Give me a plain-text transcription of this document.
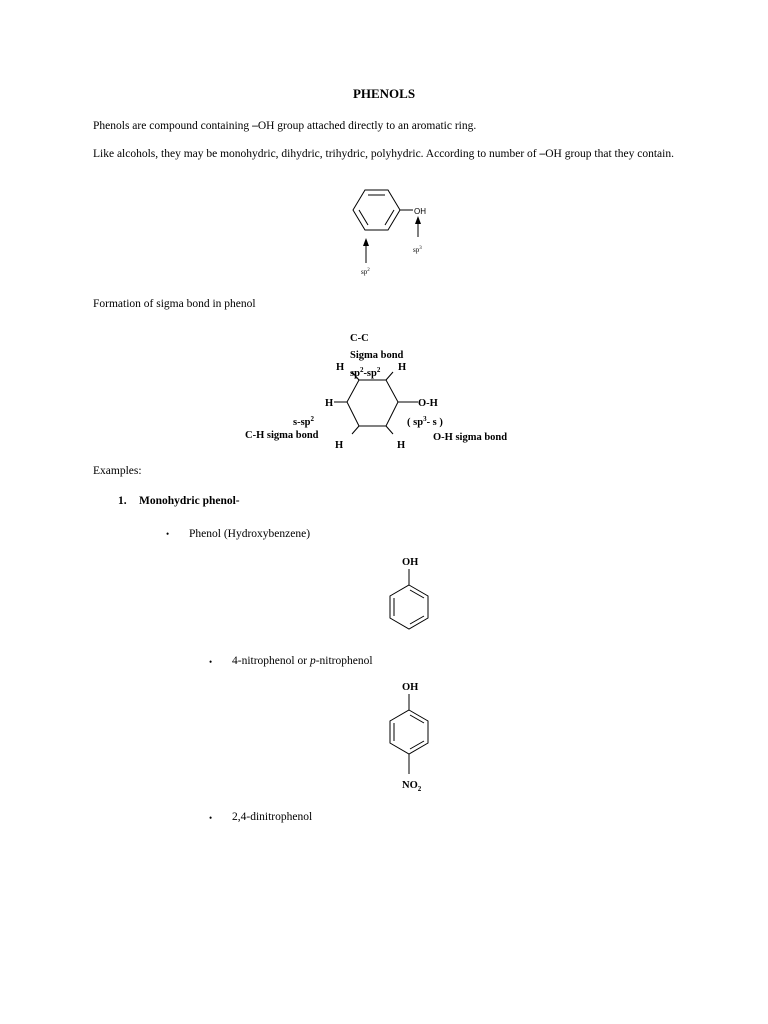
PHENOLS
Phenols are compound containing –OH group attached directly to an aromatic ring.
Like alcohols, they may be monohydric, dihydric, trihydric, polyhydric. According to number of –OH group that they contain.
OH
$sp^3$
$sp^2$
Formation of sigma bond in phenol
C-C
Sigma bond
H	H
$sp^2-sp^2$
H
$s-sp^2$
C-H sigma bond
H	H
O-H
( $sp^3-$ s )
O-H sigma bond
Examples:
1. Monohydric phenol-
• Phenol (Hydroxybenzene)
OH
• 4-nitrophenol or p-nitrophenol
OH
$NO_2$
• 2,4-dinitrophenol
